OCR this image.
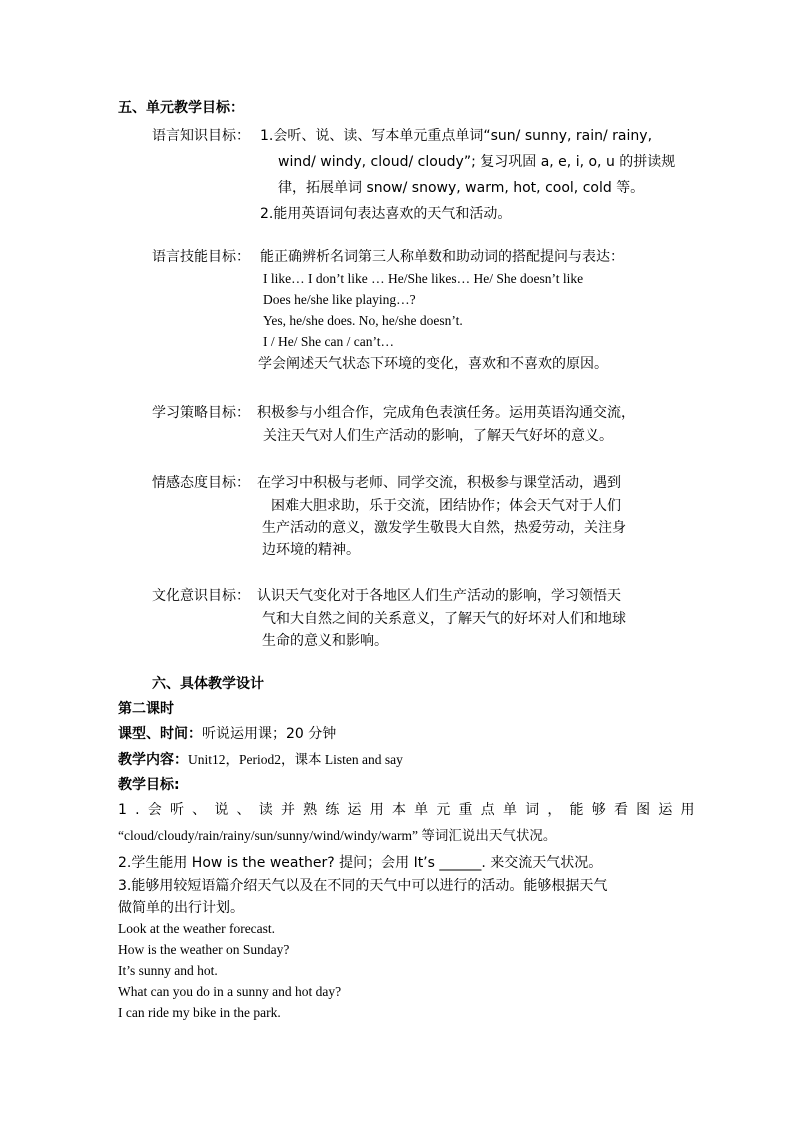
五、单元教学目标：
语言知识目标： 1.会听、说、读、写本单元重点单词“sun/ sunny, rain/ rainy,
wind/ windy, cloud/ cloudy”; 复习巩固 a, e, i, o, u 的拼读规
律，拓展单词 snow/ snowy, warm, hot, cool, cold 等。
2.能用英语词句表达喜欢的天气和活动。
语言技能目标： 能正确辨析名词第三人称单数和助动词的搭配提问与表达：
I like… I don’t like … He/She likes… He/ She doesn’t like
Does he/she like playing…?
Yes, he/she does. No, he/she doesn’t.
I / He/ She can / can’t…
学会阐述天气状态下环境的变化，喜欢和不喜欢的原因。
学习策略目标： 积极参与小组合作，完成角色表演任务。运用英语沟通交流，
关注天气对人们生产活动的影响，了解天气好坏的意义。
情感态度目标： 在学习中积极与老师、同学交流，积极参与课堂活动，遇到
困难大胆求助，乐于交流，团结协作；体会天气对于人们
生产活动的意义，激发学生敬畏大自然，热爱劳动，关注身
边环境的精神。
文化意识目标： 认识天气变化对于各地区人们生产活动的影响，学习领悟天
气和大自然之间的关系意义，了解天气的好坏对人们和地球
生命的意义和影响。
六、具体教学设计
第二课时
课型、时间：听说运用课；20 分钟
教学内容：Unit12，Period2，课本 Listen and say
教学目标:
1.会听、说、读并熟练运用本单元重点单词，能够看图运用
“cloud/cloudy/rain/rainy/sun/sunny/wind/windy/warm” 等词汇说出天气状况。
2.学生能用 How is the weather? 提问；会用 It’s ______. 来交流天气状况。
3.能够用较短语篇介绍天气以及在不同的天气中可以进行的活动。能够根据天气
做简单的出行计划。
Look at the weather forecast.
How is the weather on Sunday?
It’s sunny and hot.
What can you do in a sunny and hot day?
I can ride my bike in the park.
